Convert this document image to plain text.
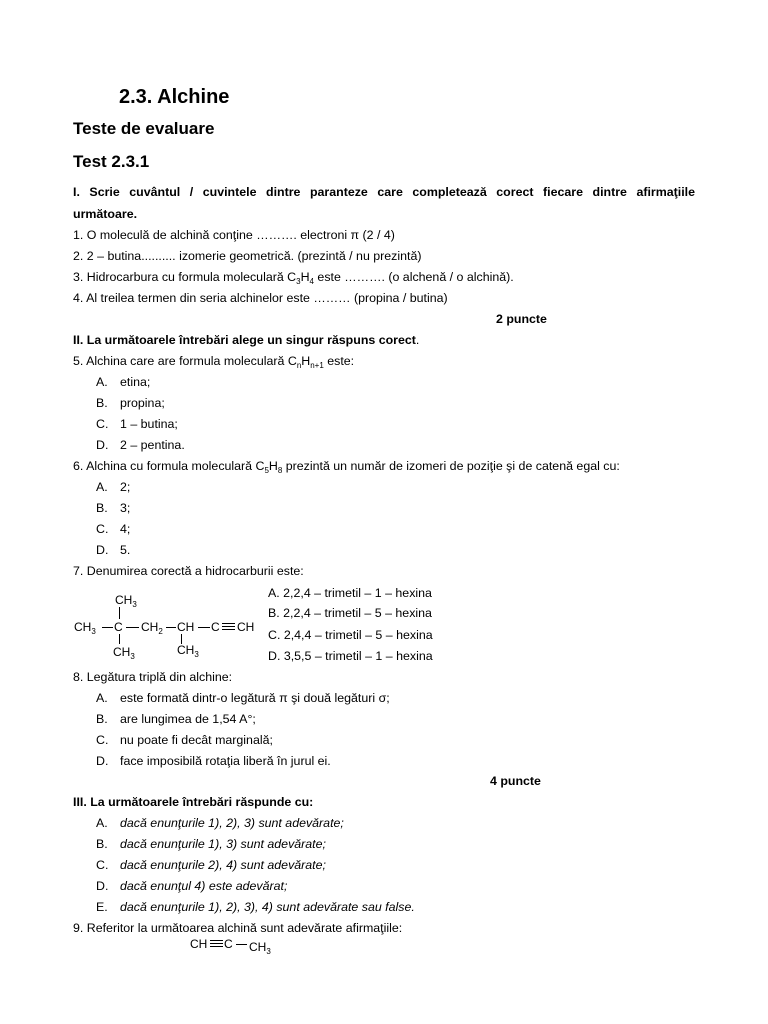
2.3. Alchine
Teste de evaluare
Test 2.3.1
I. Scrie cuvântul / cuvintele dintre paranteze care completează corect fiecare dintre afirmaţiile
următoare.
1. O moleculă de alchină conţine ………. electroni π (2 / 4)
2. 2 – butina.......... izomerie geometrică. (prezintă / nu prezintă)
3. Hidrocarbura cu formula moleculară $C_3H_4$ este ………. (o alchenă / o alchină).
4. Al treilea termen din seria alchinelor este ……… (propina / butina)
2 puncte
II. La următoarele întrebări alege un singur răspuns corect.
5. Alchina care are formula moleculară $C_nH_{n+1}$ este:
A. etina;
B. propina;
C. 1 – butina;
D. 2 – pentina.
6. Alchina cu formula moleculară $C_5H_8$ prezintă un număr de izomeri de poziţie şi de catenă egal cu:
A. 2;
B. 3;
C. 4;
D. 5.
7. Denumirea corectă a hidrocarburii este:
$CH_3$
$CH_3$ C $CH_2$ CH C CH
$CH_3$	$CH_3$
A. 2,2,4 – trimetil – 1 – hexina
B. 2,2,4 – trimetil – 5 – hexina
C. 2,4,4 – trimetil – 5 – hexina
D. 3,5,5 – trimetil – 1 – hexina
8. Legătura triplă din alchine:
A. este formată dintr-o legătură π şi două legături σ;
B. are lungimea de 1,54 A°;
C. nu poate fi decât marginală;
D. face imposibilă rotaţia liberă în jurul ei.
4 puncte
III. La următoarele întrebări răspunde cu:
A. dacă enunţurile 1), 2), 3) sunt adevărate;
B. dacă enunţurile 1), 3) sunt adevărate;
C. dacă enunţurile 2), 4) sunt adevărate;
D. dacă enunţul 4) este adevărat;
E. dacă enunţurile 1), 2), 3), 4) sunt adevărate sau false.
9. Referitor la următoarea alchină sunt adevărate afirmaţiile:
CH C $CH_3$
